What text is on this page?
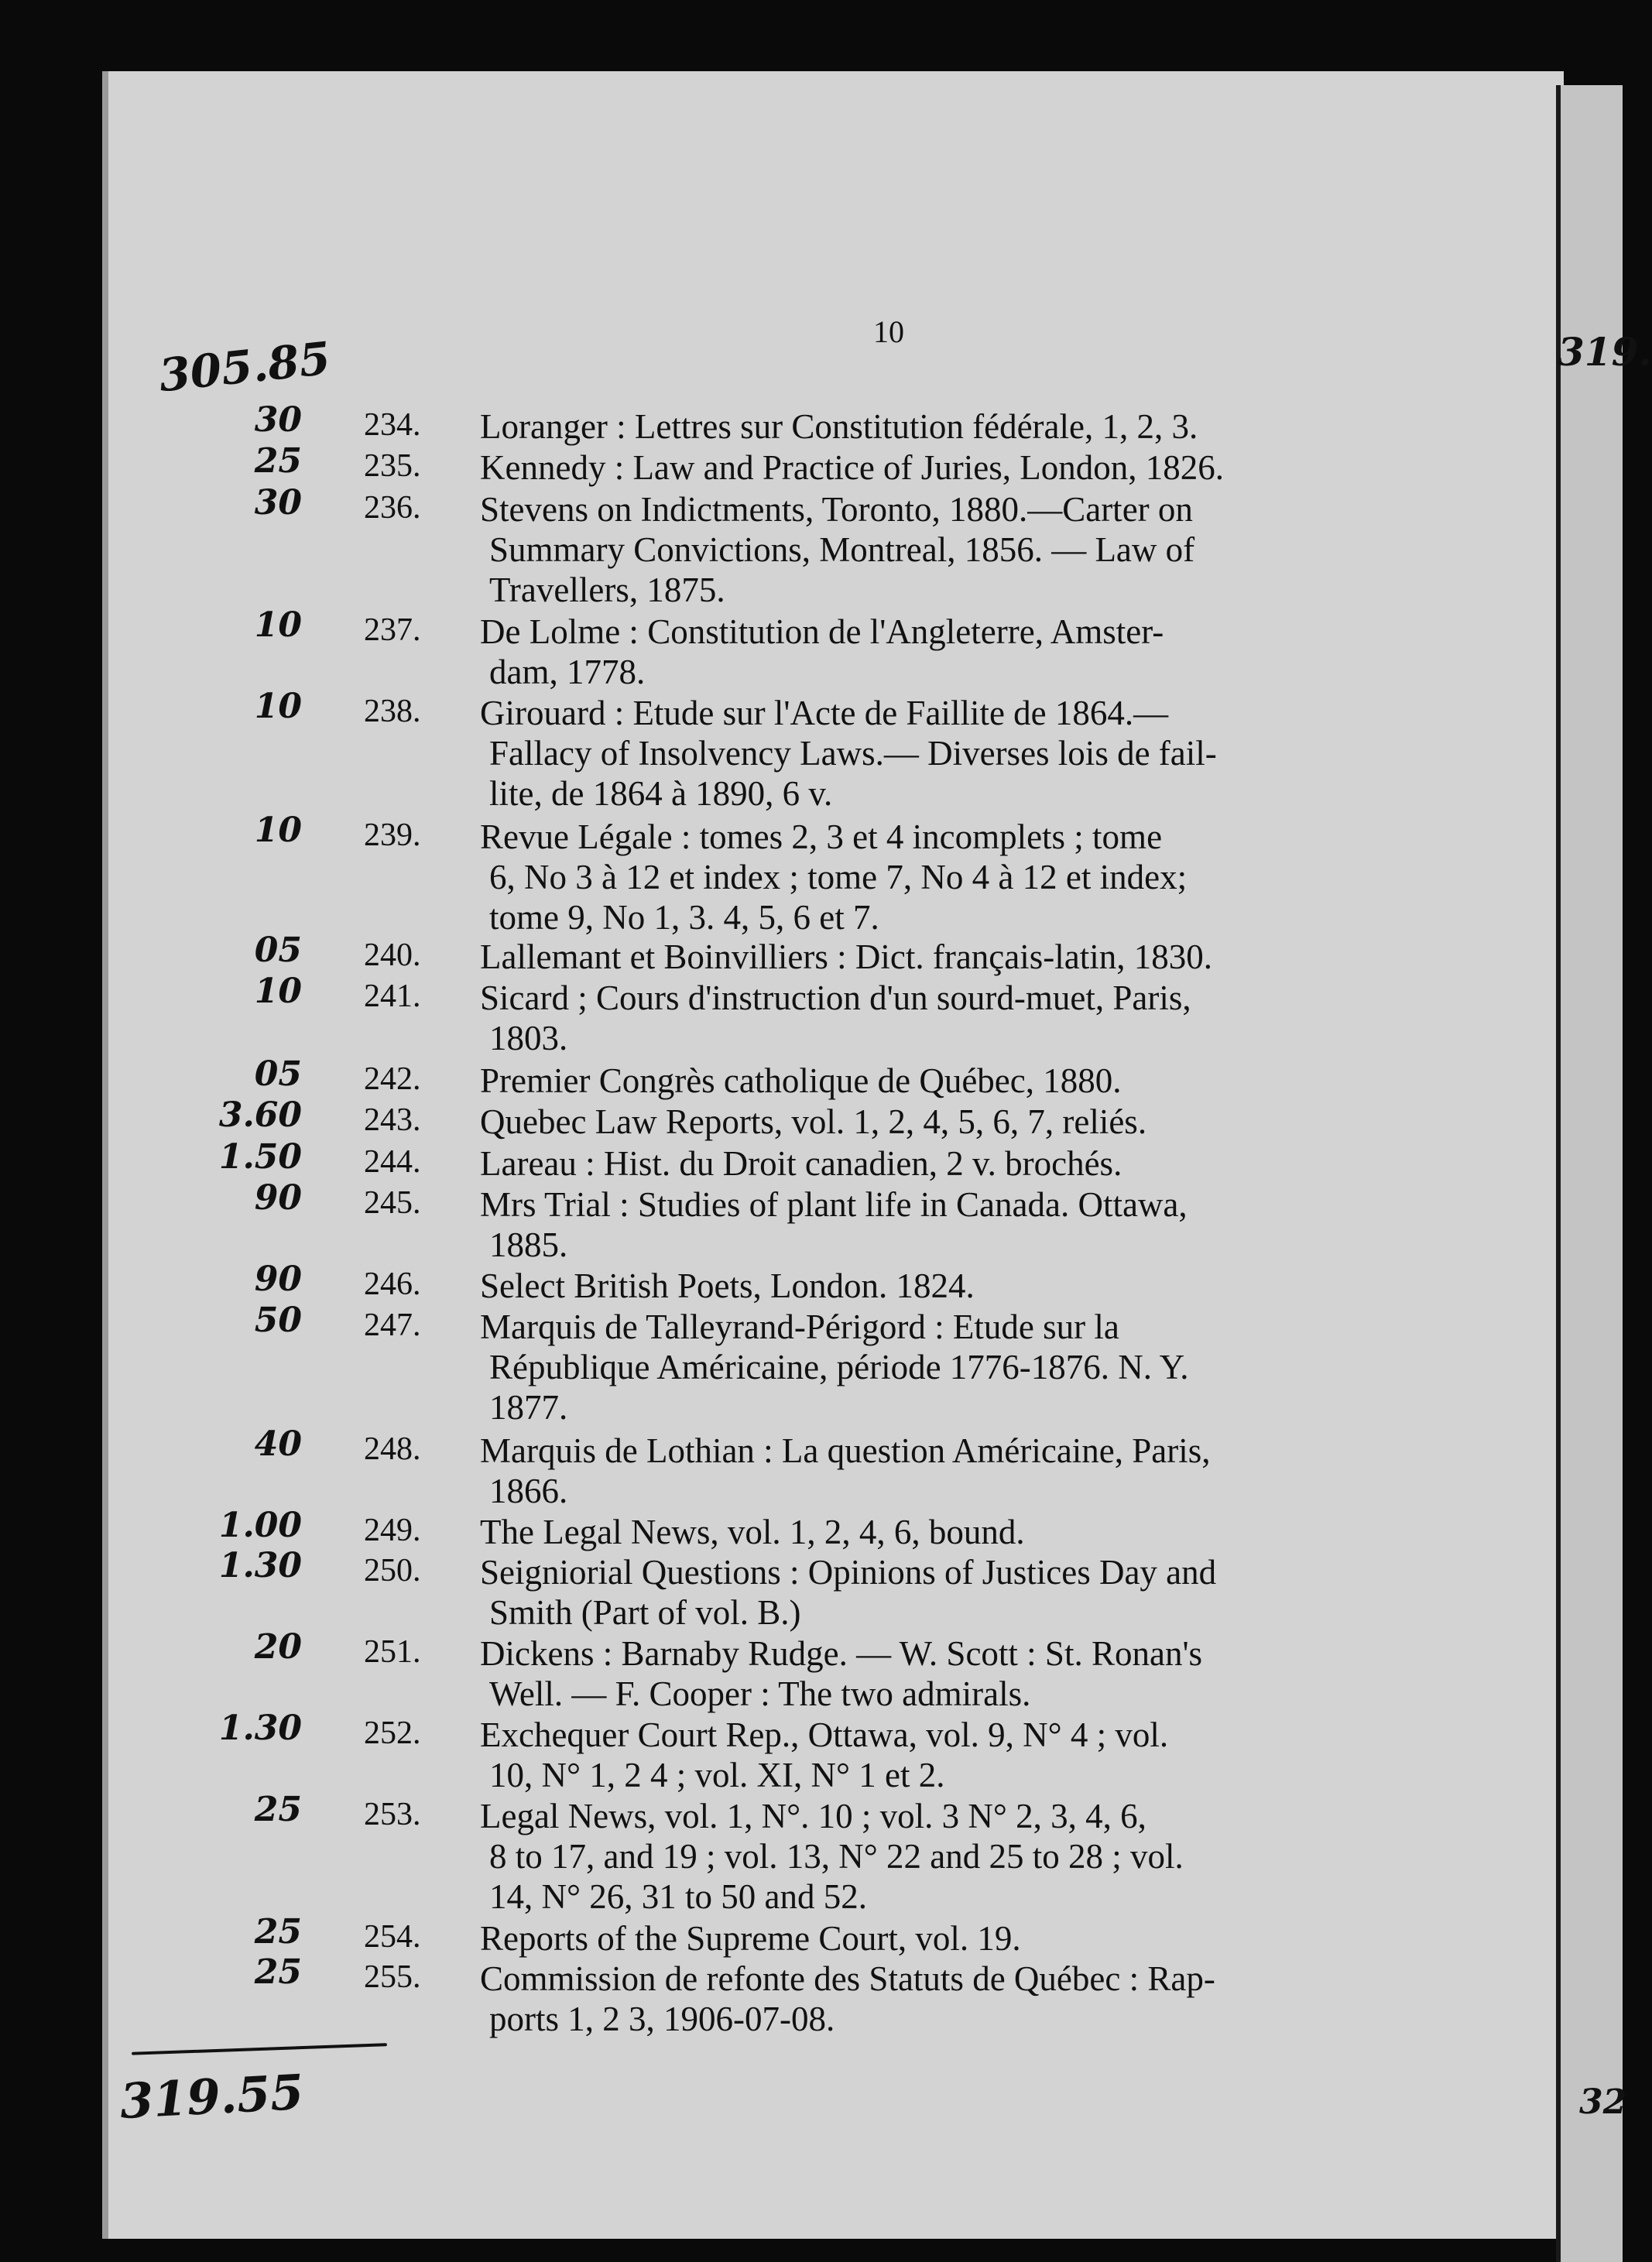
305.85	319.
10
30 234. Loranger : Lettres sur Constitution fédérale, 1, 2, 3.
25 235. Kennedy : Law and Practice of Juries, London, 1826.
30 236. Stevens on Indictments, Toronto, 1880.—Carter on
Summary Convictions, Montreal, 1856. — Law of
Travellers, 1875.
10 237. De Lolme : Constitution de l'Angleterre, Amster-
dam, 1778.
10 238. Girouard : Etude sur l'Acte de Faillite de 1864.—
Fallacy of Insolvency Laws.— Diverses lois de fail-
lite, de 1864 à 1890, 6 v.
10 239. Revue Légale : tomes 2, 3 et 4 incomplets ; tome
6, No 3 à 12 et index ; tome 7, No 4 à 12 et index;
tome 9, No 1, 3. 4, 5, 6 et 7.
05 240. Lallemant et Boinvilliers : Dict. français-latin, 1830.
10 241. Sicard ; Cours d'instruction d'un sourd-muet, Paris,
1803.
05 242. Premier Congrès catholique de Québec, 1880.
3.60 243. Quebec Law Reports, vol. 1, 2, 4, 5, 6, 7, reliés.
1.50 244. Lareau : Hist. du Droit canadien, 2 v. brochés.
90 245. Mrs Trial : Studies of plant life in Canada. Ottawa,
1885.
90 246. Select British Poets, London. 1824.
50 247. Marquis de Talleyrand-Périgord : Etude sur la
République Américaine, période 1776-1876. N. Y.
1877.
40 248. Marquis de Lothian : La question Américaine, Paris,
1866.
1.00 249. The Legal News, vol. 1, 2, 4, 6, bound.
1.30 250. Seigniorial Questions : Opinions of Justices Day and
Smith (Part of vol. B.)
20 251. Dickens : Barnaby Rudge. — W. Scott : St. Ronan's
Well. — F. Cooper : The two admirals.
1.30 252. Exchequer Court Rep., Ottawa, vol. 9, N° 4 ; vol.
10, N° 1, 2 4 ; vol. XI, N° 1 et 2.
25 253. Legal News, vol. 1, N°. 10 ; vol. 3 N° 2, 3, 4, 6,
8 to 17, and 19 ; vol. 13, N° 22 and 25 to 28 ; vol.
14, N° 26, 31 to 50 and 52.
25 254. Reports of the Supreme Court, vol. 19.
25 255. Commission de refonte des Statuts de Québec : Rap-
ports 1, 2 3, 1906-07-08.
319.55	32
